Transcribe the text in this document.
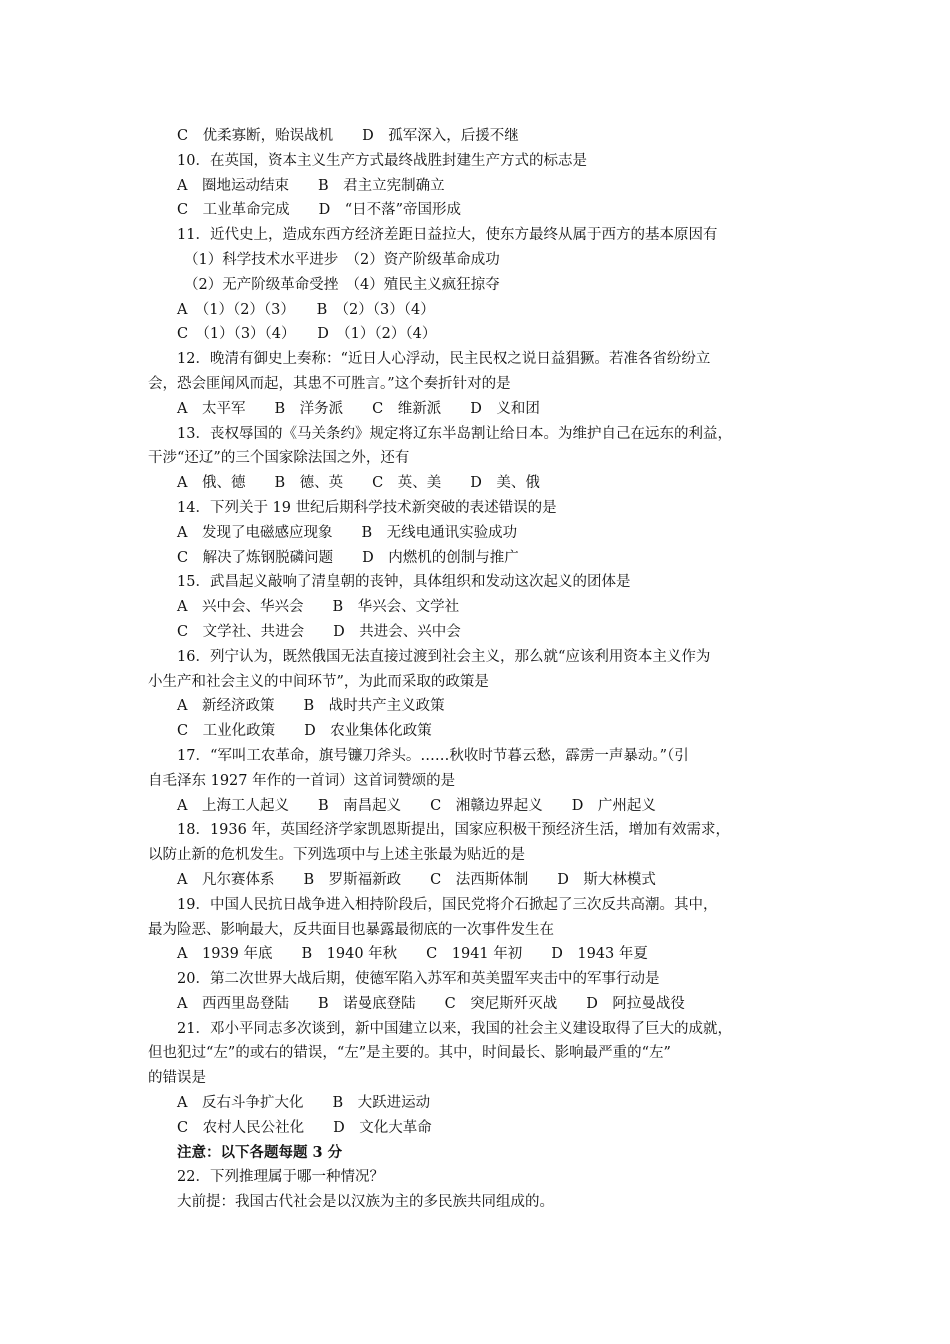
C　优柔寡断，贻误战机　　D　孤军深入，后援不继
10．在英国，资本主义生产方式最终战胜封建生产方式的标志是
A　圈地运动结束　　B　君主立宪制确立
C　工业革命完成　　D　“日不落”帝国形成
11．近代史上，造成东西方经济差距日益拉大，使东方最终从属于西方的基本原因有
（1）科学技术水平进步　（2）资产阶级革命成功
（2）无产阶级革命受挫　（4）殖民主义疯狂掠夺
A　（1）（2）（3）　　B　（2）（3）（4）
C　（1）（3）（4）　　D　（1）（2）（4）
12．晚清有御史上奏称：“近日人心浮动，民主民权之说日益猖獗。若准各省纷纷立
会，恐会匪闻风而起，其患不可胜言。”这个奏折针对的是
A　太平军　　B　洋务派　　C　维新派　　D　义和团
13．丧权辱国的《马关条约》规定将辽东半岛割让给日本。为维护自己在远东的利益，
干涉“还辽”的三个国家除法国之外，还有
A　俄、德　　B　德、英　　C　英、美　　D　美、俄
14．下列关于 19 世纪后期科学技术新突破的表述错误的是
A　发现了电磁感应现象　　B　无线电通讯实验成功
C　解决了炼钢脱磷问题　　D　内燃机的创制与推广
15．武昌起义敲响了清皇朝的丧钟，具体组织和发动这次起义的团体是
A　兴中会、华兴会　　B　华兴会、文学社
C　文学社、共进会　　D　共进会、兴中会
16．列宁认为，既然俄国无法直接过渡到社会主义，那么就“应该利用资本主义作为
小生产和社会主义的中间环节”，为此而采取的政策是
A　新经济政策　　B　战时共产主义政策
C　工业化政策　　D　农业集体化政策
17．“军叫工农革命，旗号镰刀斧头。……秋收时节暮云愁，霹雳一声暴动。”（引
自毛泽东 1927 年作的一首词）这首词赞颂的是
A　上海工人起义　　B　南昌起义　　C　湘赣边界起义　　D　广州起义
18．1936 年，英国经济学家凯恩斯提出，国家应积极干预经济生活，增加有效需求，
以防止新的危机发生。下列选项中与上述主张最为贴近的是
A　凡尔赛体系　　B　罗斯福新政　　C　法西斯体制　　D　斯大林模式
19．中国人民抗日战争进入相持阶段后，国民党将介石掀起了三次反共高潮。其中，
最为险恶、影响最大，反共面目也暴露最彻底的一次事件发生在
A　1939 年底　　B　1940 年秋　　C　1941 年初　　D　1943 年夏
20．第二次世界大战后期，使德军陷入苏军和英美盟军夹击中的军事行动是
A　西西里岛登陆　　B　诺曼底登陆　　C　突尼斯歼灭战　　D　阿拉曼战役
21．邓小平同志多次谈到，新中国建立以来，我国的社会主义建设取得了巨大的成就，
但也犯过“左”的或右的错误，“左”是主要的。其中，时间最长、影响最严重的“左”
的错误是
A　反右斗争扩大化　　B　大跃进运动
C　农村人民公社化　　D　文化大革命
注意：以下各题每题 3 分
22．下列推理属于哪一种情况？
大前提：我国古代社会是以汉族为主的多民族共同组成的。
